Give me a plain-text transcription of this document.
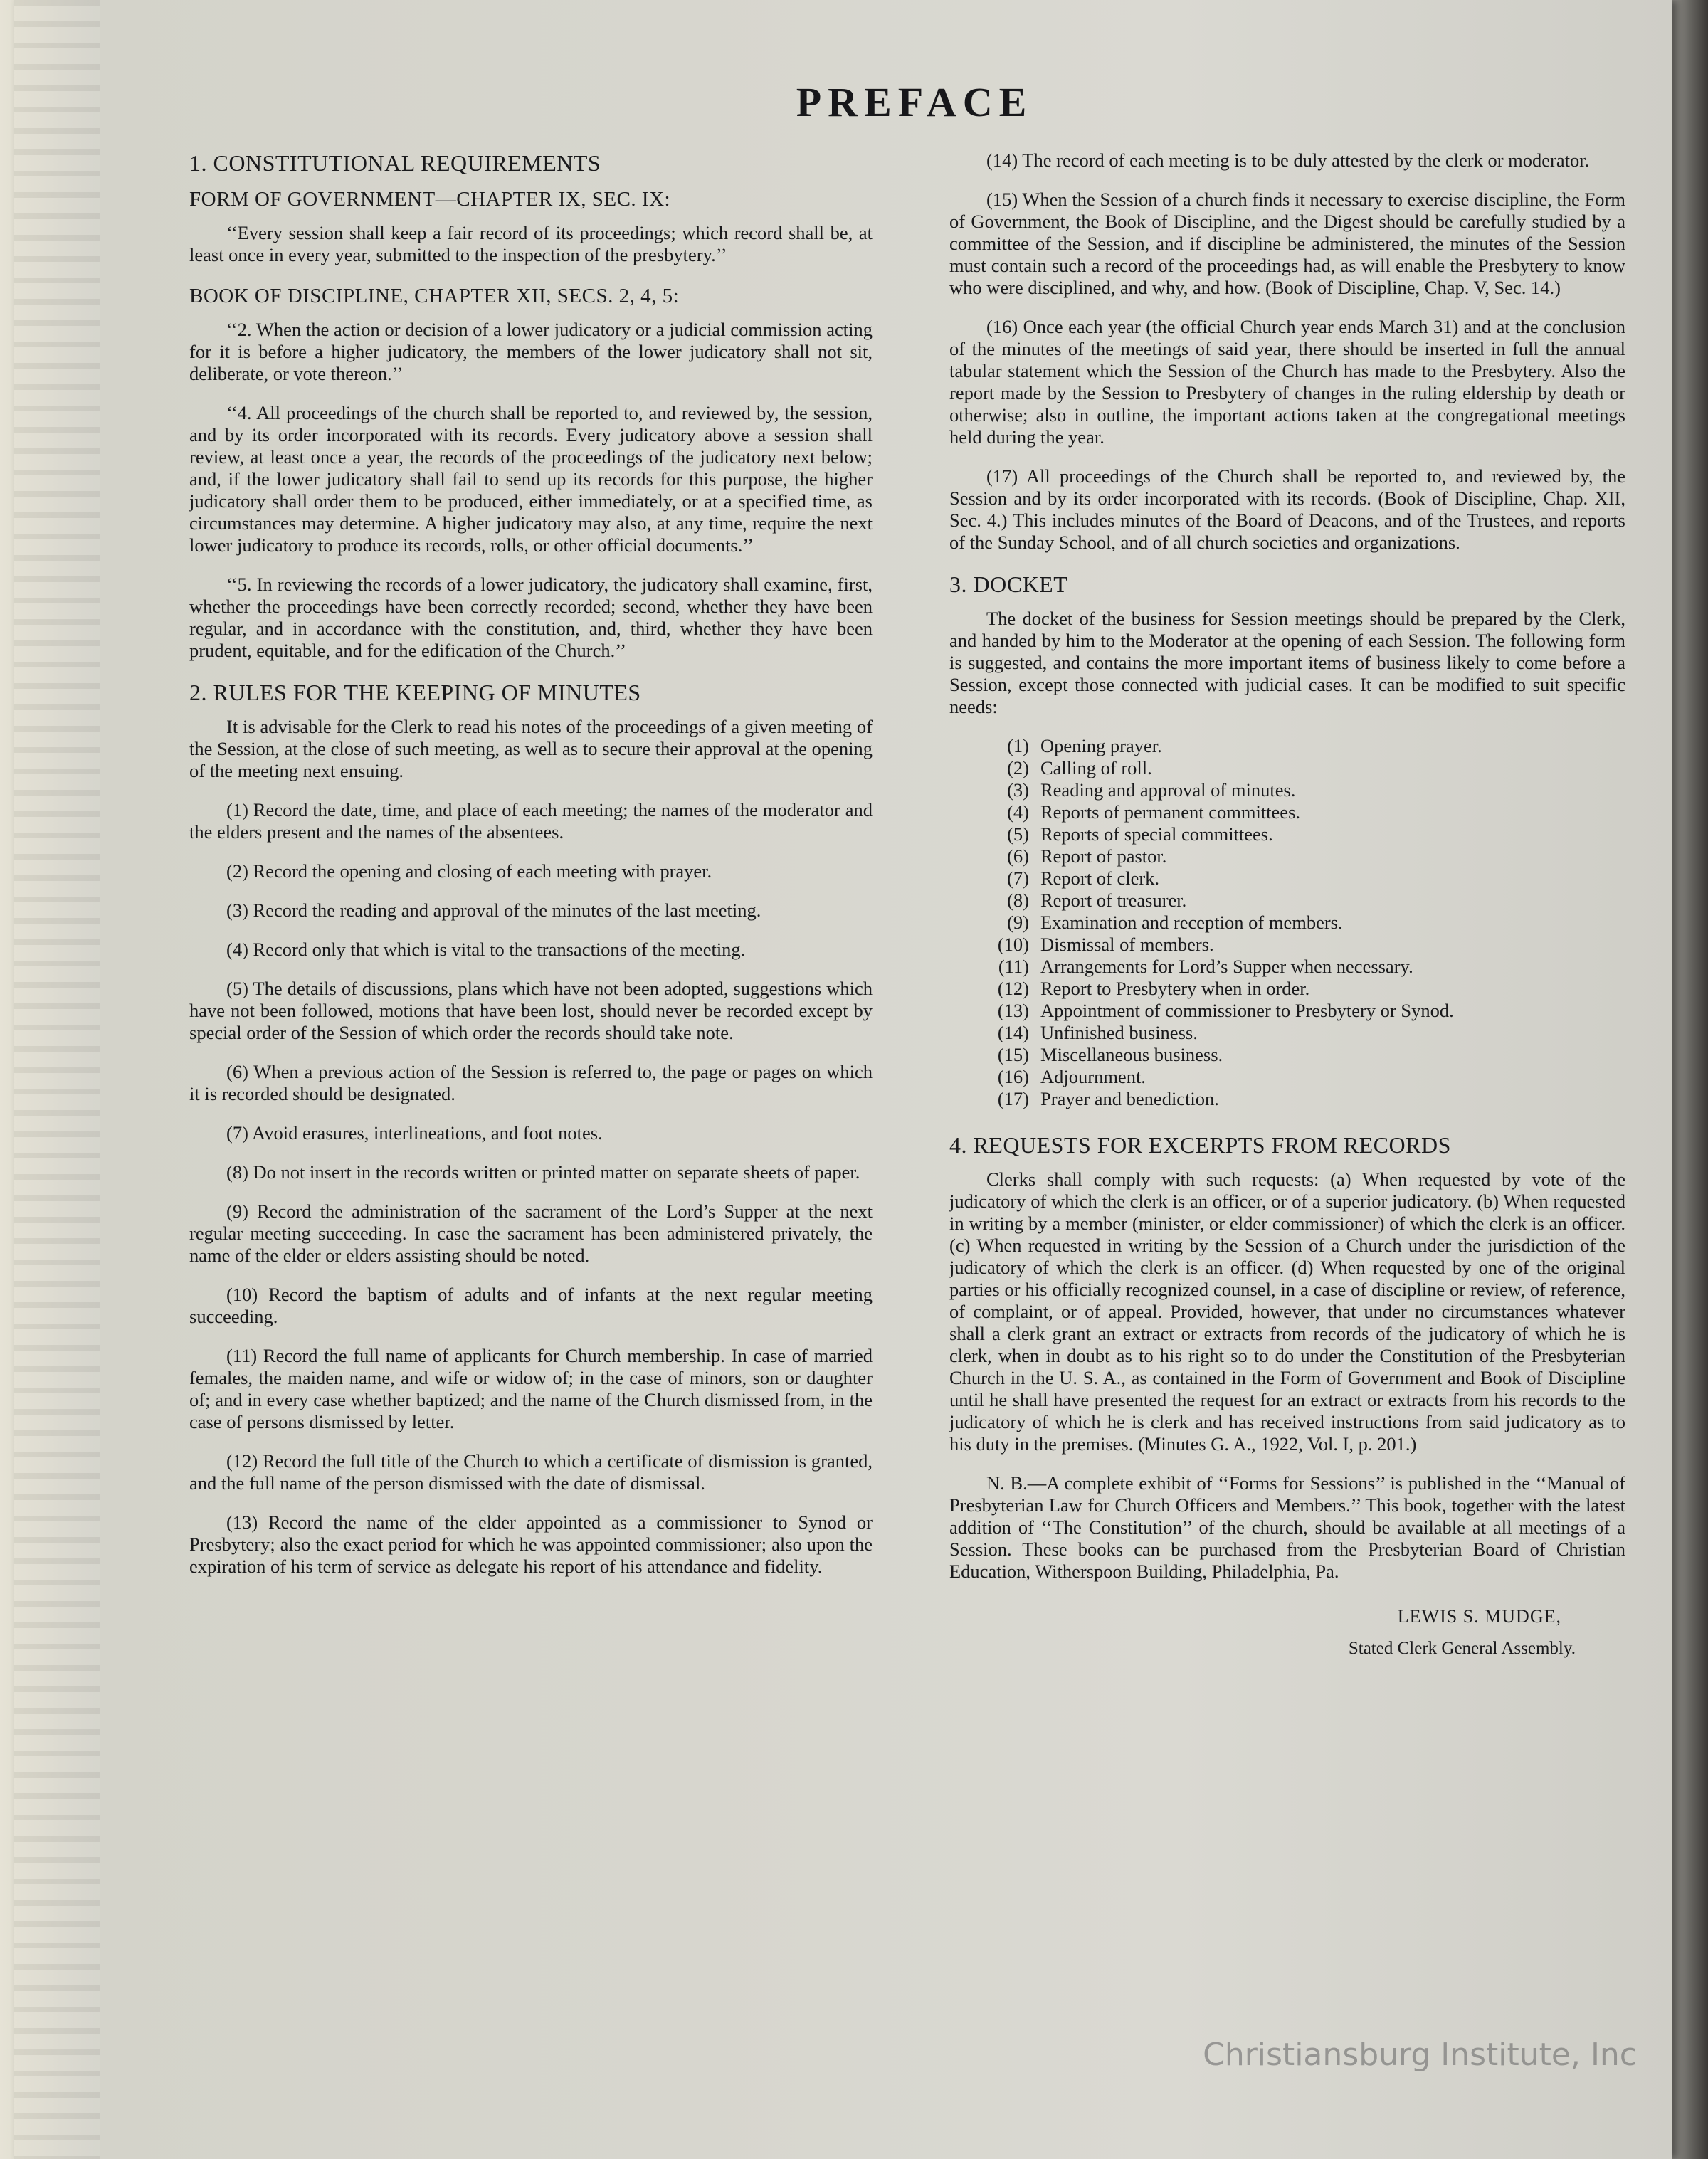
PREFACE
1. CONSTITUTIONAL REQUIREMENTS
FORM OF GOVERNMENT—CHAPTER IX, SEC. IX:

‘‘Every session shall keep a fair record of its proceedings; which record shall be, at least once in every year, submitted to the inspection of the presbytery.’’

BOOK OF DISCIPLINE, CHAPTER XII, SECS. 2, 4, 5:

‘‘2. When the action or decision of a lower judicatory or a judicial commission acting for it is before a higher judicatory, the members of the lower judicatory shall not sit, deliberate, or vote thereon.’’

‘‘4. All proceedings of the church shall be reported to, and reviewed by, the session, and by its order incorporated with its records. Every judicatory above a session shall review, at least once a year, the records of the proceedings of the judicatory next below; and, if the lower judicatory shall fail to send up its records for this purpose, the higher judicatory shall order them to be produced, either immediately, or at a specified time, as circumstances may determine. A higher judicatory may also, at any time, require the next lower judicatory to produce its records, rolls, or other official documents.’’

‘‘5. In reviewing the records of a lower judicatory, the judicatory shall examine, first, whether the proceedings have been correctly recorded; second, whether they have been regular, and in accordance with the constitution, and, third, whether they have been prudent, equitable, and for the edification of the Church.’’

2. RULES FOR THE KEEPING OF MINUTES

It is advisable for the Clerk to read his notes of the proceedings of a given meeting of the Session, at the close of such meeting, as well as to secure their approval at the opening of the meeting next ensuing.

(1) Record the date, time, and place of each meeting; the names of the moderator and the elders present and the names of the absentees.

(2) Record the opening and closing of each meeting with prayer.

(3) Record the reading and approval of the minutes of the last meeting.

(4) Record only that which is vital to the transactions of the meeting.

(5) The details of discussions, plans which have not been adopted, suggestions which have not been followed, motions that have been lost, should never be recorded except by special order of the Session of which order the records should take note.

(6) When a previous action of the Session is referred to, the page or pages on which it is recorded should be designated.

(7) Avoid erasures, interlineations, and foot notes.

(8) Do not insert in the records written or printed matter on separate sheets of paper.

(9) Record the administration of the sacrament of the Lord’s Supper at the next regular meeting succeeding. In case the sacrament has been administered privately, the name of the elder or elders assisting should be noted.

(10) Record the baptism of adults and of infants at the next regular meeting succeeding.

(11) Record the full name of applicants for Church membership. In case of married females, the maiden name, and wife or widow of; in the case of minors, son or daughter of; and in every case whether baptized; and the name of the Church dismissed from, in the case of persons dismissed by letter.

(12) Record the full title of the Church to which a certificate of dismission is granted, and the full name of the person dismissed with the date of dismissal.

(13) Record the name of the elder appointed as a commissioner to Synod or Presbytery; also the exact period for which he was appointed commissioner; also upon the expiration of his term of service as delegate his report of his attendance and fidelity.

(14) The record of each meeting is to be duly attested by the clerk or moderator.

(15) When the Session of a church finds it necessary to exercise discipline, the Form of Government, the Book of Discipline, and the Digest should be carefully studied by a committee of the Session, and if discipline be administered, the minutes of the Session must contain such a record of the proceedings had, as will enable the Presbytery to know who were disciplined, and why, and how. (Book of Discipline, Chap. V, Sec. 14.)

(16) Once each year (the official Church year ends March 31) and at the conclusion of the minutes of the meetings of said year, there should be inserted in full the annual tabular statement which the Session of the Church has made to the Presbytery. Also the report made by the Session to Presbytery of changes in the ruling eldership by death or otherwise; also in outline, the important actions taken at the congregational meetings held during the year.

(17) All proceedings of the Church shall be reported to, and reviewed by, the Session and by its order incorporated with its records. (Book of Discipline, Chap. XII, Sec. 4.) This includes minutes of the Board of Deacons, and of the Trustees, and reports of the Sunday School, and of all church societies and organizations.

3. DOCKET

The docket of the business for Session meetings should be prepared by the Clerk, and handed by him to the Moderator at the opening of each Session. The following form is suggested, and contains the more important items of business likely to come before a Session, except those connected with judicial cases. It can be modified to suit specific needs:

(1) Opening prayer.
(2) Calling of roll.
(3) Reading and approval of minutes.
(4) Reports of permanent committees.
(5) Reports of special committees.
(6) Report of pastor.
(7) Report of clerk.
(8) Report of treasurer.
(9) Examination and reception of members.
(10) Dismissal of members.
(11) Arrangements for Lord’s Supper when necessary.
(12) Report to Presbytery when in order.
(13) Appointment of commissioner to Presbytery or Synod.
(14) Unfinished business.
(15) Miscellaneous business.
(16) Adjournment.
(17) Prayer and benediction.
4. REQUESTS FOR EXCERPTS FROM RECORDS

Clerks shall comply with such requests: (a) When requested by vote of the judicatory of which the clerk is an officer, or of a superior judicatory. (b) When requested in writing by a member (minister, or elder commissioner) of which the clerk is an officer. (c) When requested in writing by the Session of a Church under the jurisdiction of the judicatory of which the clerk is an officer. (d) When requested by one of the original parties or his officially recognized counsel, in a case of discipline or review, of reference, of complaint, or of appeal. Provided, however, that under no circumstances whatever shall a clerk grant an extract or extracts from records of the judicatory of which he is clerk, when in doubt as to his right so to do under the Constitution of the Presbyterian Church in the U. S. A., as contained in the Form of Government and Book of Discipline until he shall have presented the request for an extract or extracts from his records to the judicatory of which he is clerk and has received instructions from said judicatory as to his duty in the premises. (Minutes G. A., 1922, Vol. I, p. 201.)

N. B.—A complete exhibit of ‘‘Forms for Sessions’’ is published in the ‘‘Manual of Presbyterian Law for Church Officers and Members.’’ This book, together with the latest addition of ‘‘The Constitution’’ of the church, should be available at all meetings of a Session. These books can be purchased from the Presbyterian Board of Christian Education, Witherspoon Building, Philadelphia, Pa.

LEWIS S. MUDGE,
Stated Clerk General Assembly.
Christiansburg Institute, Inc
